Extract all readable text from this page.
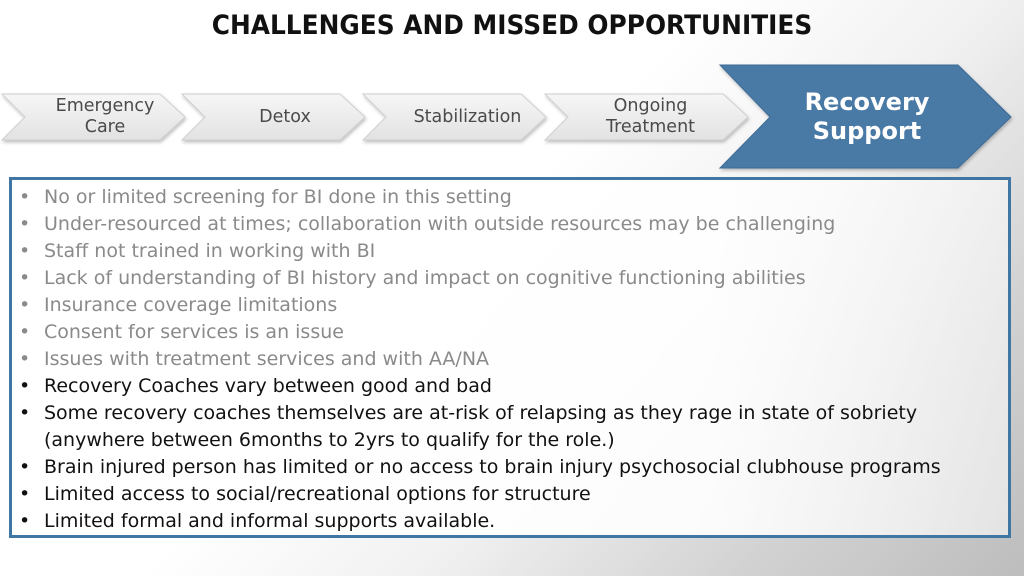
CHALLENGES AND MISSED OPPORTUNITIES
Emergency
Care
Detox	Stabilization
Ongoing
Treatment
Recovery
Support
• No or limited screening for BI done in this setting
• Under-resourced at times; collaboration with outside resources may be challenging
• Staff not trained in working with BI
• Lack of understanding of BI history and impact on cognitive functioning abilities
• Insurance coverage limitations
• Consent for services is an issue
• Issues with treatment services and with AA/NA
• Recovery Coaches vary between good and bad
• Some recovery coaches themselves are at-risk of relapsing as they rage in state of sobriety (anywhere between 6months to 2yrs to qualify for the role.)
• Brain injured person has limited or no access to brain injury psychosocial clubhouse programs
• Limited access to social/recreational options for structure
• Limited formal and informal supports available.
